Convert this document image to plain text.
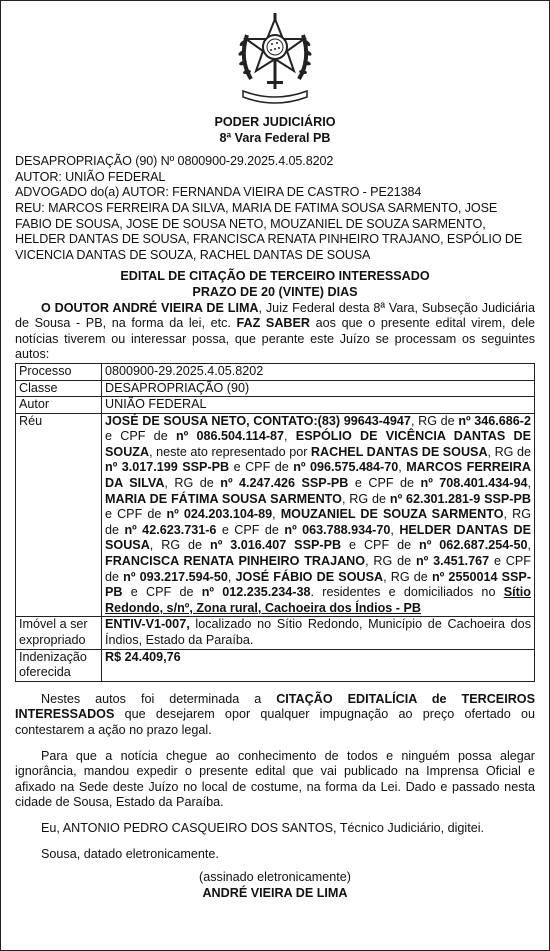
PODER JUDICIÁRIO
8ª Vara Federal PB

DESAPROPRIAÇÃO (90) Nº 0800900-29.2025.4.05.8202

AUTOR: UNIÃO FEDERAL

ADVOGADO do(a) AUTOR: FERNANDA VIEIRA DE CASTRO - PE21384

REU: MARCOS FERREIRA DA SILVA, MARIA DE FATIMA SOUSA SARMENTO, JOSE FABIO DE SOUSA, JOSE DE SOUSA NETO, MOUZANIEL DE SOUZA SARMENTO, HELDER DANTAS DE SOUSA, FRANCISCA RENATA PINHEIRO TRAJANO, ESPÓLIO DE VICENCIA DANTAS DE SOUZA, RACHEL DANTAS DE SOUSA

EDITAL DE CITAÇÃO DE TERCEIRO INTERESSADO
PRAZO DE 20 (VINTE) DIAS

O DOUTOR ANDRÉ VIEIRA DE LIMA, Juiz Federal desta 8ª Vara, Subseção Judiciária de Sousa - PB, na forma da lei, etc. FAZ SABER aos que o presente edital virem, dele notícias tiverem ou interessar possa, que perante este Juízo se processam os seguintes autos:

Processo	0800900-29.2025.4.05.8202
Classe	DESAPROPRIAÇÃO (90)
Autor	UNIÃO FEDERAL
Réu	JOSÉ DE SOUSA NETO, CONTATO:(83) 99643-4947, RG de nº 346.686-2 e CPF de nº 086.504.114-87, ESPÓLIO DE VICÊNCIA DANTAS DE SOUZA, neste ato representado por RACHEL DANTAS DE SOUSA, RG de nº 3.017.199 SSP-PB e CPF de nº 096.575.484-70, MARCOS FERREIRA DA SILVA, RG de nº 4.247.426 SSP-PB e CPF de nº 708.401.434-94, MARIA DE FÁTIMA SOUSA SARMENTO, RG de nº 62.301.281-9 SSP-PB e CPF de nº 024.203.104-89, MOUZANIEL DE SOUZA SARMENTO, RG de nº 42.623.731-6 e CPF de nº 063.788.934-70, HELDER DANTAS DE SOUSA, RG de nº 3.016.407 SSP-PB e CPF de nº 062.687.254-50, FRANCISCA RENATA PINHEIRO TRAJANO, RG de nº 3.451.767 e CPF de nº 093.217.594-50, JOSÉ FÁBIO DE SOUSA, RG de nº 2550014 SSP-PB e CPF de nº 012.235.234-38. residentes e domiciliados no Sítio Redondo, s/nº, Zona rural, Cachoeira dos Índios - PB
Imóvel a ser expropriado	ENTIV-V1-007, localizado no Sítio Redondo, Município de Cachoeira dos Índios, Estado da Paraíba.
Indenização oferecida	R$ 24.409,76

Nestes autos foi determinada a CITAÇÃO EDITALÍCIA de TERCEIROS INTERESSADOS que desejarem opor qualquer impugnação ao preço ofertado ou contestarem a ação no prazo legal.

Para que a notícia chegue ao conhecimento de todos e ninguém possa alegar ignorância, mandou expedir o presente edital que vai publicado na Imprensa Oficial e afixado na Sede deste Juízo no local de costume, na forma da Lei. Dado e passado nesta cidade de Sousa, Estado da Paraíba.

Eu, ANTONIO PEDRO CASQUEIRO DOS SANTOS, Técnico Judiciário, digitei.

Sousa, datado eletronicamente.

(assinado eletronicamente)
ANDRÉ VIEIRA DE LIMA
